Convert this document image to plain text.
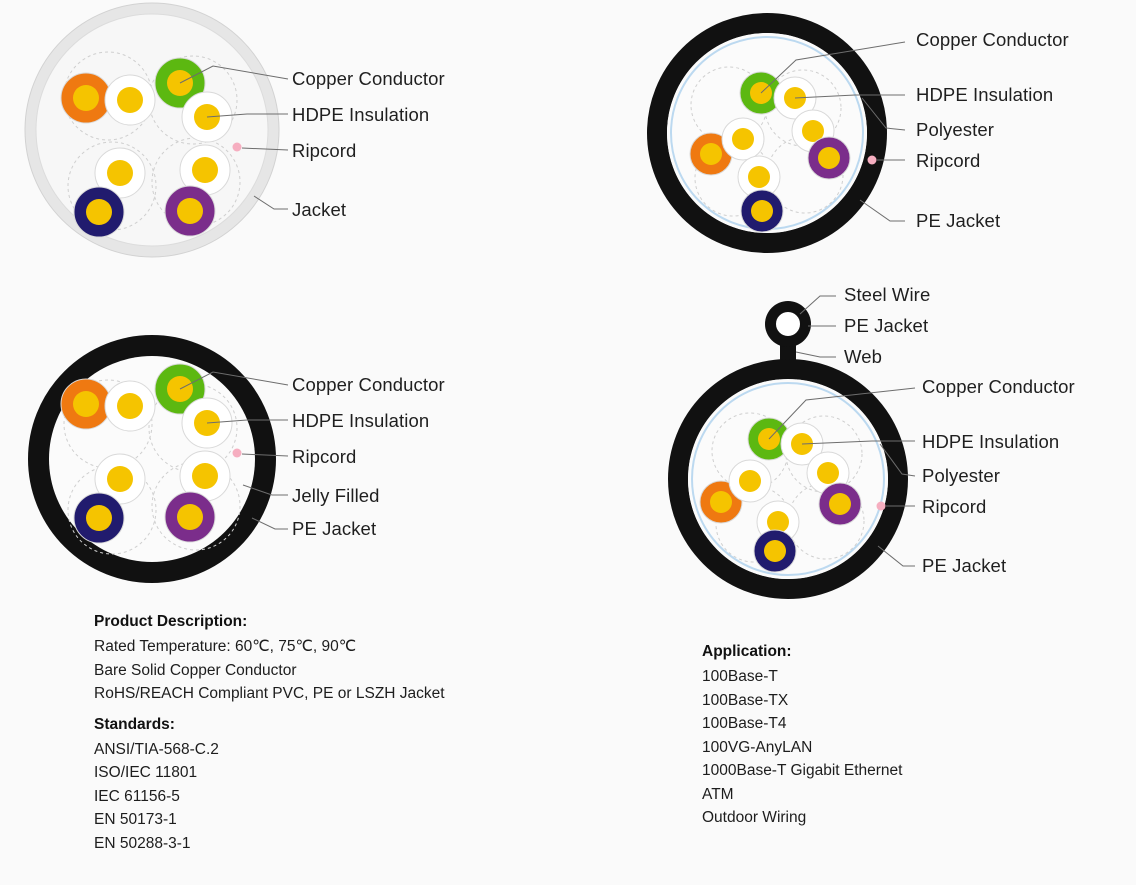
Copper Conductor
HDPE Insulation
Ripcord
Jacket
Copper Conductor
HDPE Insulation
Polyester
Ripcord
PE Jacket
Copper Conductor
HDPE Insulation
Ripcord
Jelly Filled
PE Jacket
Steel Wire
PE Jacket
Web
Copper Conductor
HDPE Insulation
Polyester
Ripcord
PE Jacket
Product Description:
Rated Temperature: 60℃, 75℃, 90℃
Bare Solid Copper Conductor
RoHS/REACH Compliant PVC, PE or LSZH Jacket
Standards:
ANSI/TIA-568-C.2
ISO/IEC 11801
IEC 61156-5
EN 50173-1
EN 50288-3-1
Application:
100Base-T
100Base-TX
100Base-T4
100VG-AnyLAN
1000Base-T Gigabit Ethernet
ATM
Outdoor Wiring
